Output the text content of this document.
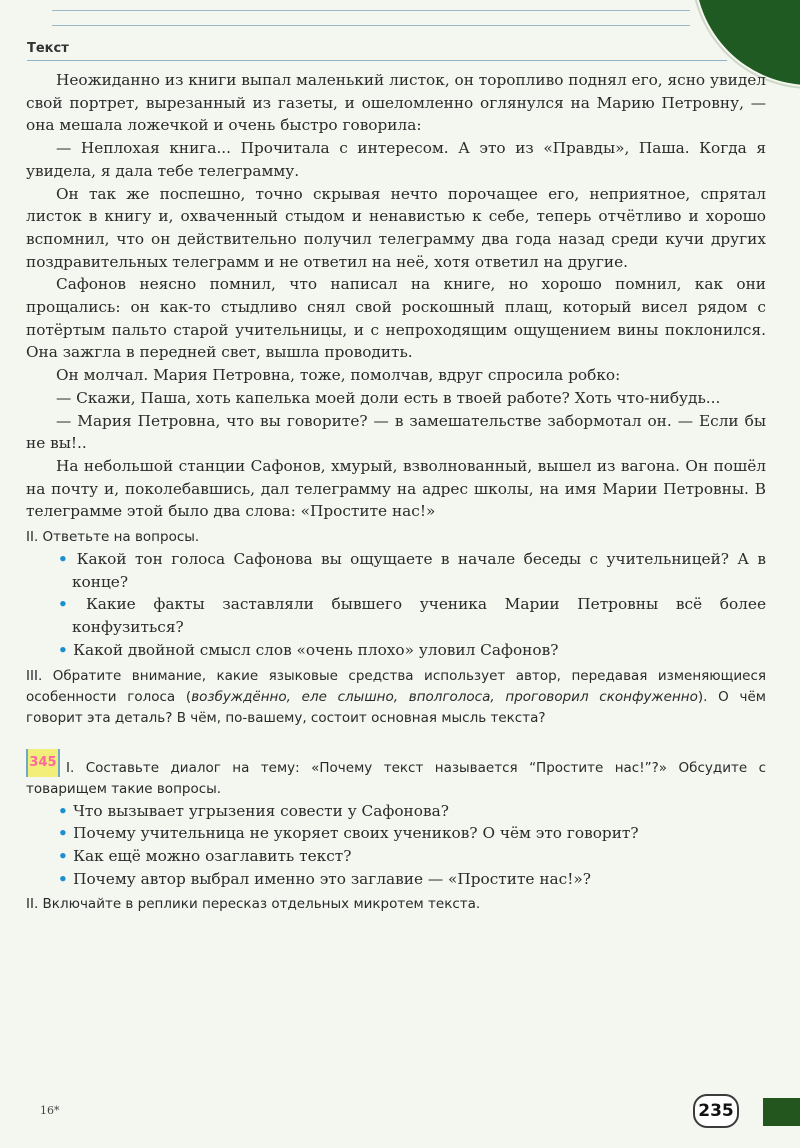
Текст

Неожиданно из книги выпал маленький листок, он торопливо поднял его, ясно увидел свой портрет, вырезанный из газеты, и ошеломленно оглянулся на Марию Петровну, — она мешала ложечкой и очень быстро говорила:

— Неплохая книга... Прочитала с интересом. А это из «Правды», Паша. Когда я увидела, я дала тебе телеграмму.

Он так же поспешно, точно скрывая нечто порочащее его, неприятное, спрятал листок в книгу и, охваченный стыдом и ненавистью к себе, теперь отчётливо и хорошо вспомнил, что он действительно получил телеграмму два года назад среди кучи других поздравительных телеграмм и не ответил на неё, хотя ответил на другие.

Сафонов неясно помнил, что написал на книге, но хорошо помнил, как они прощались: он как-то стыдливо снял свой роскошный плащ, который висел рядом с потёртым пальто старой учительницы, и с непроходящим ощущением вины поклонился. Она зажгла в передней свет, вышла проводить.

Он молчал. Мария Петровна, тоже, помолчав, вдруг спросила робко:

— Скажи, Паша, хоть капелька моей доли есть в твоей работе? Хоть что-нибудь...

— Мария Петровна, что вы говорите? — в замешательстве забормотал он. — Если бы не вы!..

На небольшой станции Сафонов, хмурый, взволнованный, вышел из вагона. Он пошёл на почту и, поколебавшись, дал телеграмму на адрес школы, на имя Марии Петровны. В телеграмме этой было два слова: «Простите нас!»

II. Ответьте на вопросы.

• Какой тон голоса Сафонова вы ощущаете в начале беседы с учительницей? А в конце?

• Какие факты заставляли бывшего ученика Марии Петровны всё более конфузиться?

• Какой двойной смысл слов «очень плохо» уловил Сафонов?

III. Обратите внимание, какие языковые средства использует автор, передавая изменяющиеся особенности голоса (возбуждённо, еле слышно, вполголоса, проговорил сконфуженно). О чём говорит эта деталь? В чём, по-вашему, состоит основная мысль текста?

345 I. Составьте диалог на тему: «Почему текст называется “Простите нас!”?» Обсудите с товарищем такие вопросы.

• Что вызывает угрызения совести у Сафонова?

• Почему учительница не укоряет своих учеников? О чём это говорит?

• Как ещё можно озаглавить текст?

• Почему автор выбрал именно это заглавие — «Простите нас!»?

II. Включайте в реплики пересказ отдельных микротем текста.

16*	235
